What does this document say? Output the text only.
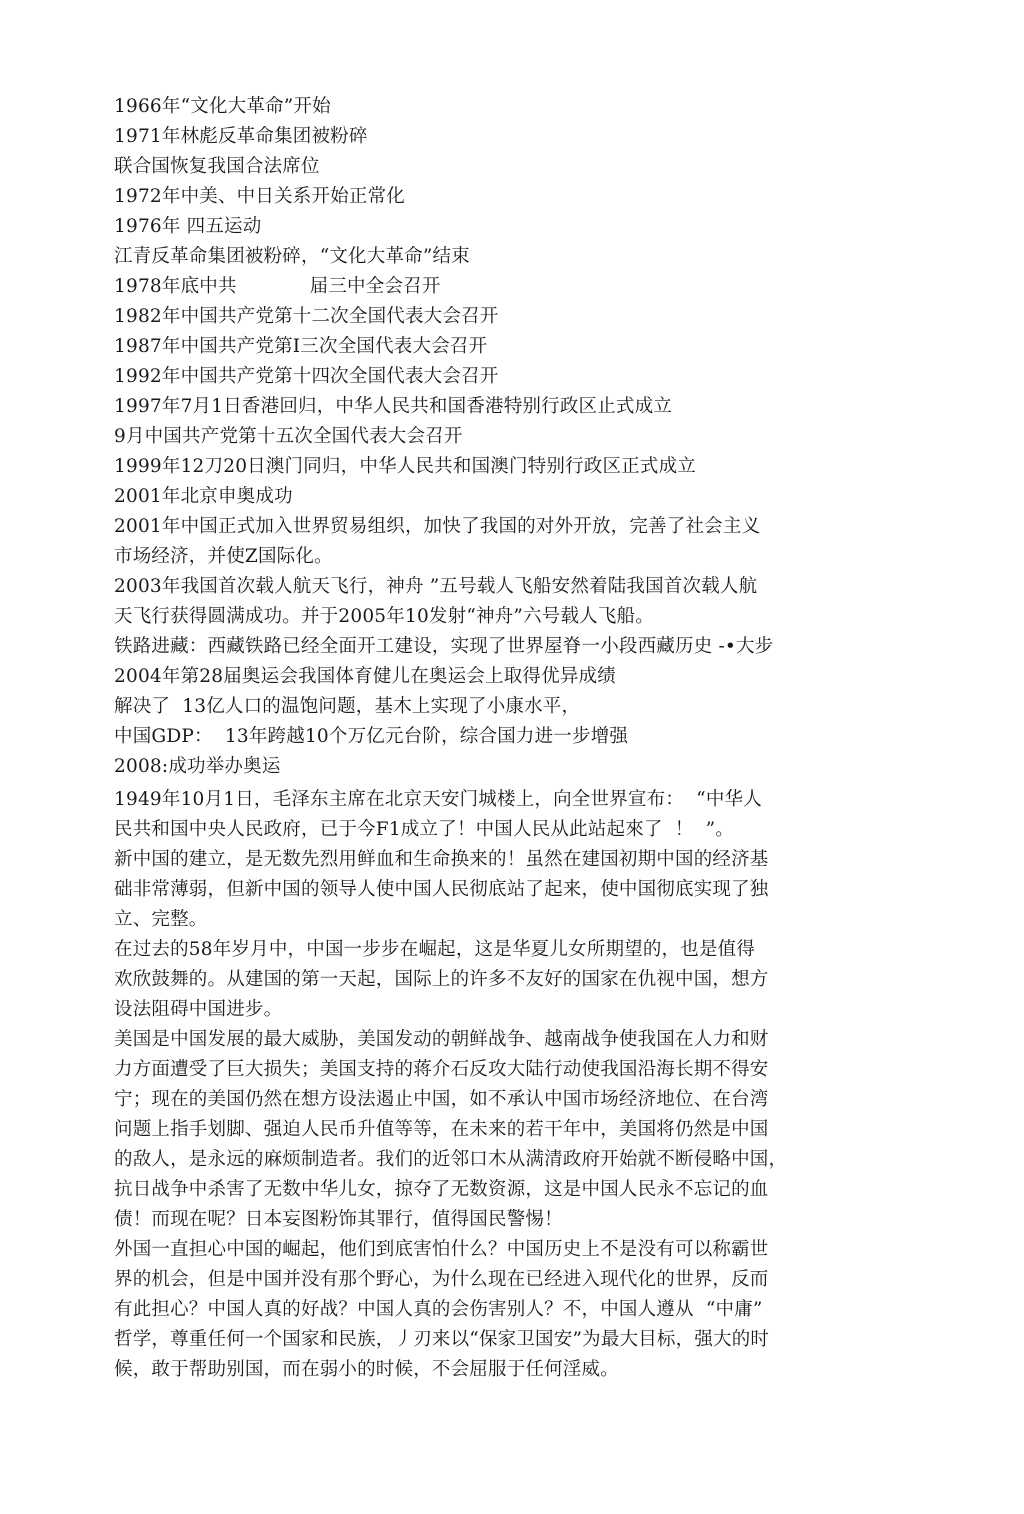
1966年“文化大革命”开始
1971年林彪反革命集团被粉碎
联合国恢复我国合法席位
1972年中美、中日关系开始正常化
1976年 四五运动
江青反革命集团被粉碎，“文化大革命”结束
1978年底中共            届三中全会召开
1982年中国共产党第十二次全国代表大会召开
1987年中国共产党第I三次全国代表大会召开
1992年中国共产党第十四次全国代表大会召开
1997年7月1日香港回归，中华人民共和国香港特别行政区止式成立
9月中国共产党第十五次全国代表大会召开
1999年12刀20日澳门同归，中华人民共和国澳门特别行政区正式成立
2001年北京申奥成功
2001年中国正式加入世界贸易组织，加快了我国的对外开放，完善了社会主义
市场经济，并使Z国际化。
2003年我国首次载人航天飞行，神舟 ”五号载人飞船安然着陆我国首次载人航
天飞行获得圆满成功。并于2005年10发射“神舟”六号载人飞船。
铁路进藏：西藏铁路已经全面开工建设，实现了世界屋脊一小段西藏历史 -•大步
2004年第28届奥运会我国体育健儿在奥运会上取得优异成绩
解决了  13亿人口的温饱问题，基木上实现了小康水平，
中国GDP：  13年跨越10个万亿元台阶，综合国力进一步增强
2008:成功举办奥运
1949年10月1日，毛泽东主席在北京天安门城楼上，向全世界宣布：  “中华人
民共和国中央人民政府，已于今F1成立了！中国人民从此站起來了  ！  ”。
新中国的建立，是无数先烈用鲜血和生命换来的！虽然在建国初期中国的经济基
础非常薄弱，但新中国的领导人使中国人民彻底站了起来，使中国彻底实现了独
立、完整。
在过去的58年岁月中，中国一步步在崛起，这是华夏儿女所期望的，也是值得
欢欣鼓舞的。从建国的第一天起，国际上的许多不友好的国家在仇视中国，想方
设法阻碍中国进步。
美国是中国发展的最大威胁，美国发动的朝鲜战争、越南战争使我国在人力和财
力方面遭受了巨大损失；美国支持的蒋介石反攻大陆行动使我国沿海长期不得安
宁；现在的美国仍然在想方设法遏止中国，如不承认中国市场经济地位、在台湾
问题上指手划脚、强迫人民币升值等等，在未来的若干年中，美国将仍然是中国
的敌人，是永远的麻烦制造者。我们的近邻口木从满清政府开始就不断侵略中国，
抗日战争中杀害了无数中华儿女，掠夺了无数资源，这是中国人民永不忘记的血
债！而现在呢？日本妄图粉饰其罪行，值得国民警惕！
外国一直担心中国的崛起，他们到底害怕什么？中国历史上不是没有可以称霸世
界的机会，但是中国并没有那个野心，为什么现在已经进入现代化的世界，反而
有此担心？中国人真的好战？中国人真的会伤害别人？不，中国人遵从  “中庸”
哲学，尊重任何一个国家和民族，丿刃来以“保家卫国安”为最大目标，强大的时
候，敢于帮助别国，而在弱小的时候，不会屈服于任何淫威。
